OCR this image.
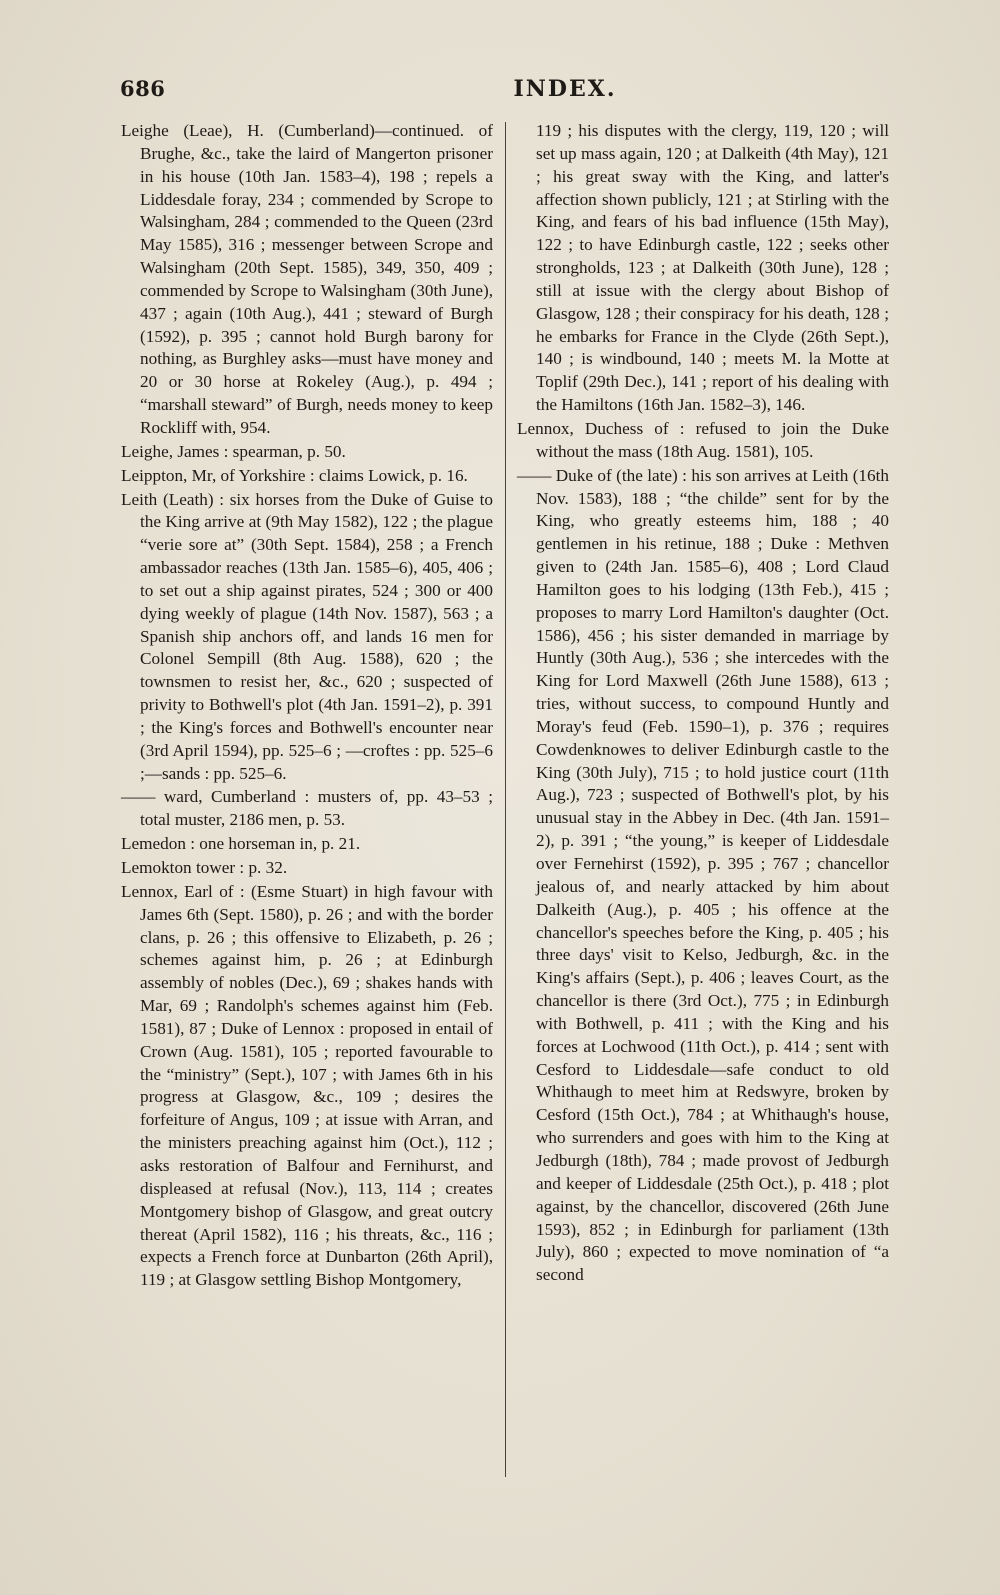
686	INDEX.

Leighe (Leae), H. (Cumberland)—continued. of Brughe, &c., take the laird of Mangerton prisoner in his house (10th Jan. 1583–4), 198 ; repels a Liddesdale foray, 234 ; commended by Scrope to Walsingham, 284 ; commended to the Queen (23rd May 1585), 316 ; messenger between Scrope and Walsingham (20th Sept. 1585), 349, 350, 409 ; commended by Scrope to Walsingham (30th June), 437 ; again (10th Aug.), 441 ; steward of Burgh (1592), p. 395 ; cannot hold Burgh barony for nothing, as Burghley asks—must have money and 20 or 30 horse at Rokeley (Aug.), p. 494 ; “marshall steward” of Burgh, needs money to keep Rockliff with, 954.

Leighe, James : spearman, p. 50.

Leippton, Mr, of Yorkshire : claims Lowick, p. 16.

Leith (Leath) : six horses from the Duke of Guise to the King arrive at (9th May 1582), 122 ; the plague “verie sore at” (30th Sept. 1584), 258 ; a French ambassador reaches (13th Jan. 1585–6), 405, 406 ; to set out a ship against pirates, 524 ; 300 or 400 dying weekly of plague (14th Nov. 1587), 563 ; a Spanish ship anchors off, and lands 16 men for Colonel Sempill (8th Aug. 1588), 620 ; the townsmen to resist her, &c., 620 ; suspected of privity to Bothwell's plot (4th Jan. 1591–2), p. 391 ; the King's forces and Bothwell's encounter near (3rd April 1594), pp. 525–6 ; —croftes : pp. 525–6 ;—sands : pp. 525–6.

—— ward, Cumberland : musters of, pp. 43–53 ; total muster, 2186 men, p. 53.

Lemedon : one horseman in, p. 21.

Lemokton tower : p. 32.

Lennox, Earl of : (Esme Stuart) in high favour with James 6th (Sept. 1580), p. 26 ; and with the border clans, p. 26 ; this offensive to Elizabeth, p. 26 ; schemes against him, p. 26 ; at Edinburgh assembly of nobles (Dec.), 69 ; shakes hands with Mar, 69 ; Randolph's schemes against him (Feb. 1581), 87 ; Duke of Lennox : proposed in entail of Crown (Aug. 1581), 105 ; reported favourable to the “ministry” (Sept.), 107 ; with James 6th in his progress at Glasgow, &c., 109 ; desires the forfeiture of Angus, 109 ; at issue with Arran, and the ministers preaching against him (Oct.), 112 ; asks restoration of Balfour and Fernihurst, and displeased at refusal (Nov.), 113, 114 ; creates Montgomery bishop of Glasgow, and great outcry thereat (April 1582), 116 ; his threats, &c., 116 ; expects a French force at Dunbarton (26th April), 119 ; at Glasgow settling Bishop Montgomery,

119 ; his disputes with the clergy, 119, 120 ; will set up mass again, 120 ; at Dalkeith (4th May), 121 ; his great sway with the King, and latter's affection shown publicly, 121 ; at Stirling with the King, and fears of his bad influence (15th May), 122 ; to have Edinburgh castle, 122 ; seeks other strongholds, 123 ; at Dalkeith (30th June), 128 ; still at issue with the clergy about Bishop of Glasgow, 128 ; their conspiracy for his death, 128 ; he embarks for France in the Clyde (26th Sept.), 140 ; is windbound, 140 ; meets M. la Motte at Toplif (29th Dec.), 141 ; report of his dealing with the Hamiltons (16th Jan. 1582–3), 146.

Lennox, Duchess of : refused to join the Duke without the mass (18th Aug. 1581), 105.

—— Duke of (the late) : his son arrives at Leith (16th Nov. 1583), 188 ; “the childe” sent for by the King, who greatly esteems him, 188 ; 40 gentlemen in his retinue, 188 ; Duke : Methven given to (24th Jan. 1585–6), 408 ; Lord Claud Hamilton goes to his lodging (13th Feb.), 415 ; proposes to marry Lord Hamilton's daughter (Oct. 1586), 456 ; his sister demanded in marriage by Huntly (30th Aug.), 536 ; she intercedes with the King for Lord Maxwell (26th June 1588), 613 ; tries, without success, to compound Huntly and Moray's feud (Feb. 1590–1), p. 376 ; requires Cowdenknowes to deliver Edinburgh castle to the King (30th July), 715 ; to hold justice court (11th Aug.), 723 ; suspected of Bothwell's plot, by his unusual stay in the Abbey in Dec. (4th Jan. 1591–2), p. 391 ; “the young,” is keeper of Liddesdale over Fernehirst (1592), p. 395 ; 767 ; chancellor jealous of, and nearly attacked by him about Dalkeith (Aug.), p. 405 ; his offence at the chancellor's speeches before the King, p. 405 ; his three days' visit to Kelso, Jedburgh, &c. in the King's affairs (Sept.), p. 406 ; leaves Court, as the chancellor is there (3rd Oct.), 775 ; in Edinburgh with Bothwell, p. 411 ; with the King and his forces at Lochwood (11th Oct.), p. 414 ; sent with Cesford to Liddesdale—safe conduct to old Whithaugh to meet him at Redswyre, broken by Cesford (15th Oct.), 784 ; at Whithaugh's house, who surrenders and goes with him to the King at Jedburgh (18th), 784 ; made provost of Jedburgh and keeper of Liddesdale (25th Oct.), p. 418 ; plot against, by the chancellor, discovered (26th June 1593), 852 ; in Edinburgh for parliament (13th July), 860 ; expected to move nomination of “a second
